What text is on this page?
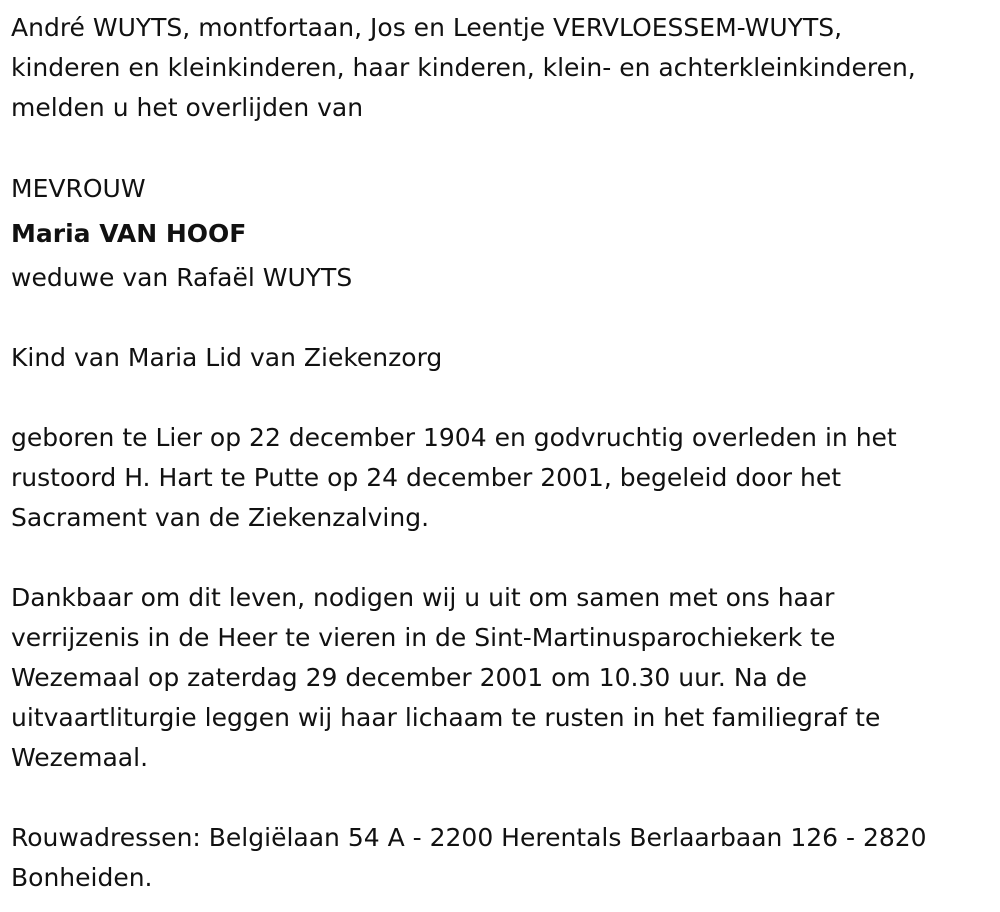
André WUYTS, montfortaan, Jos en Leentje VERVLOESSEM-WUYTS,

kinderen en kleinkinderen, haar kinderen, klein- en achterkleinkinderen,

melden u het overlijden van

MEVROUW

Maria VAN HOOF

weduwe van Rafaël WUYTS

Kind van Maria Lid van Ziekenzorg

geboren te Lier op 22 december 1904 en godvruchtig overleden in het

rustoord H. Hart te Putte op 24 december 2001, begeleid door het

Sacrament van de Ziekenzalving.

Dankbaar om dit leven, nodigen wij u uit om samen met ons haar

verrijzenis in de Heer te vieren in de Sint-Martinusparochiekerk te

Wezemaal op zaterdag 29 december 2001 om 10.30 uur. Na de

uitvaartliturgie leggen wij haar lichaam te rusten in het familiegraf te

Wezemaal.

Rouwadressen: Belgiëlaan 54 A - 2200 Herentals Berlaarbaan 126 - 2820

Bonheiden.
